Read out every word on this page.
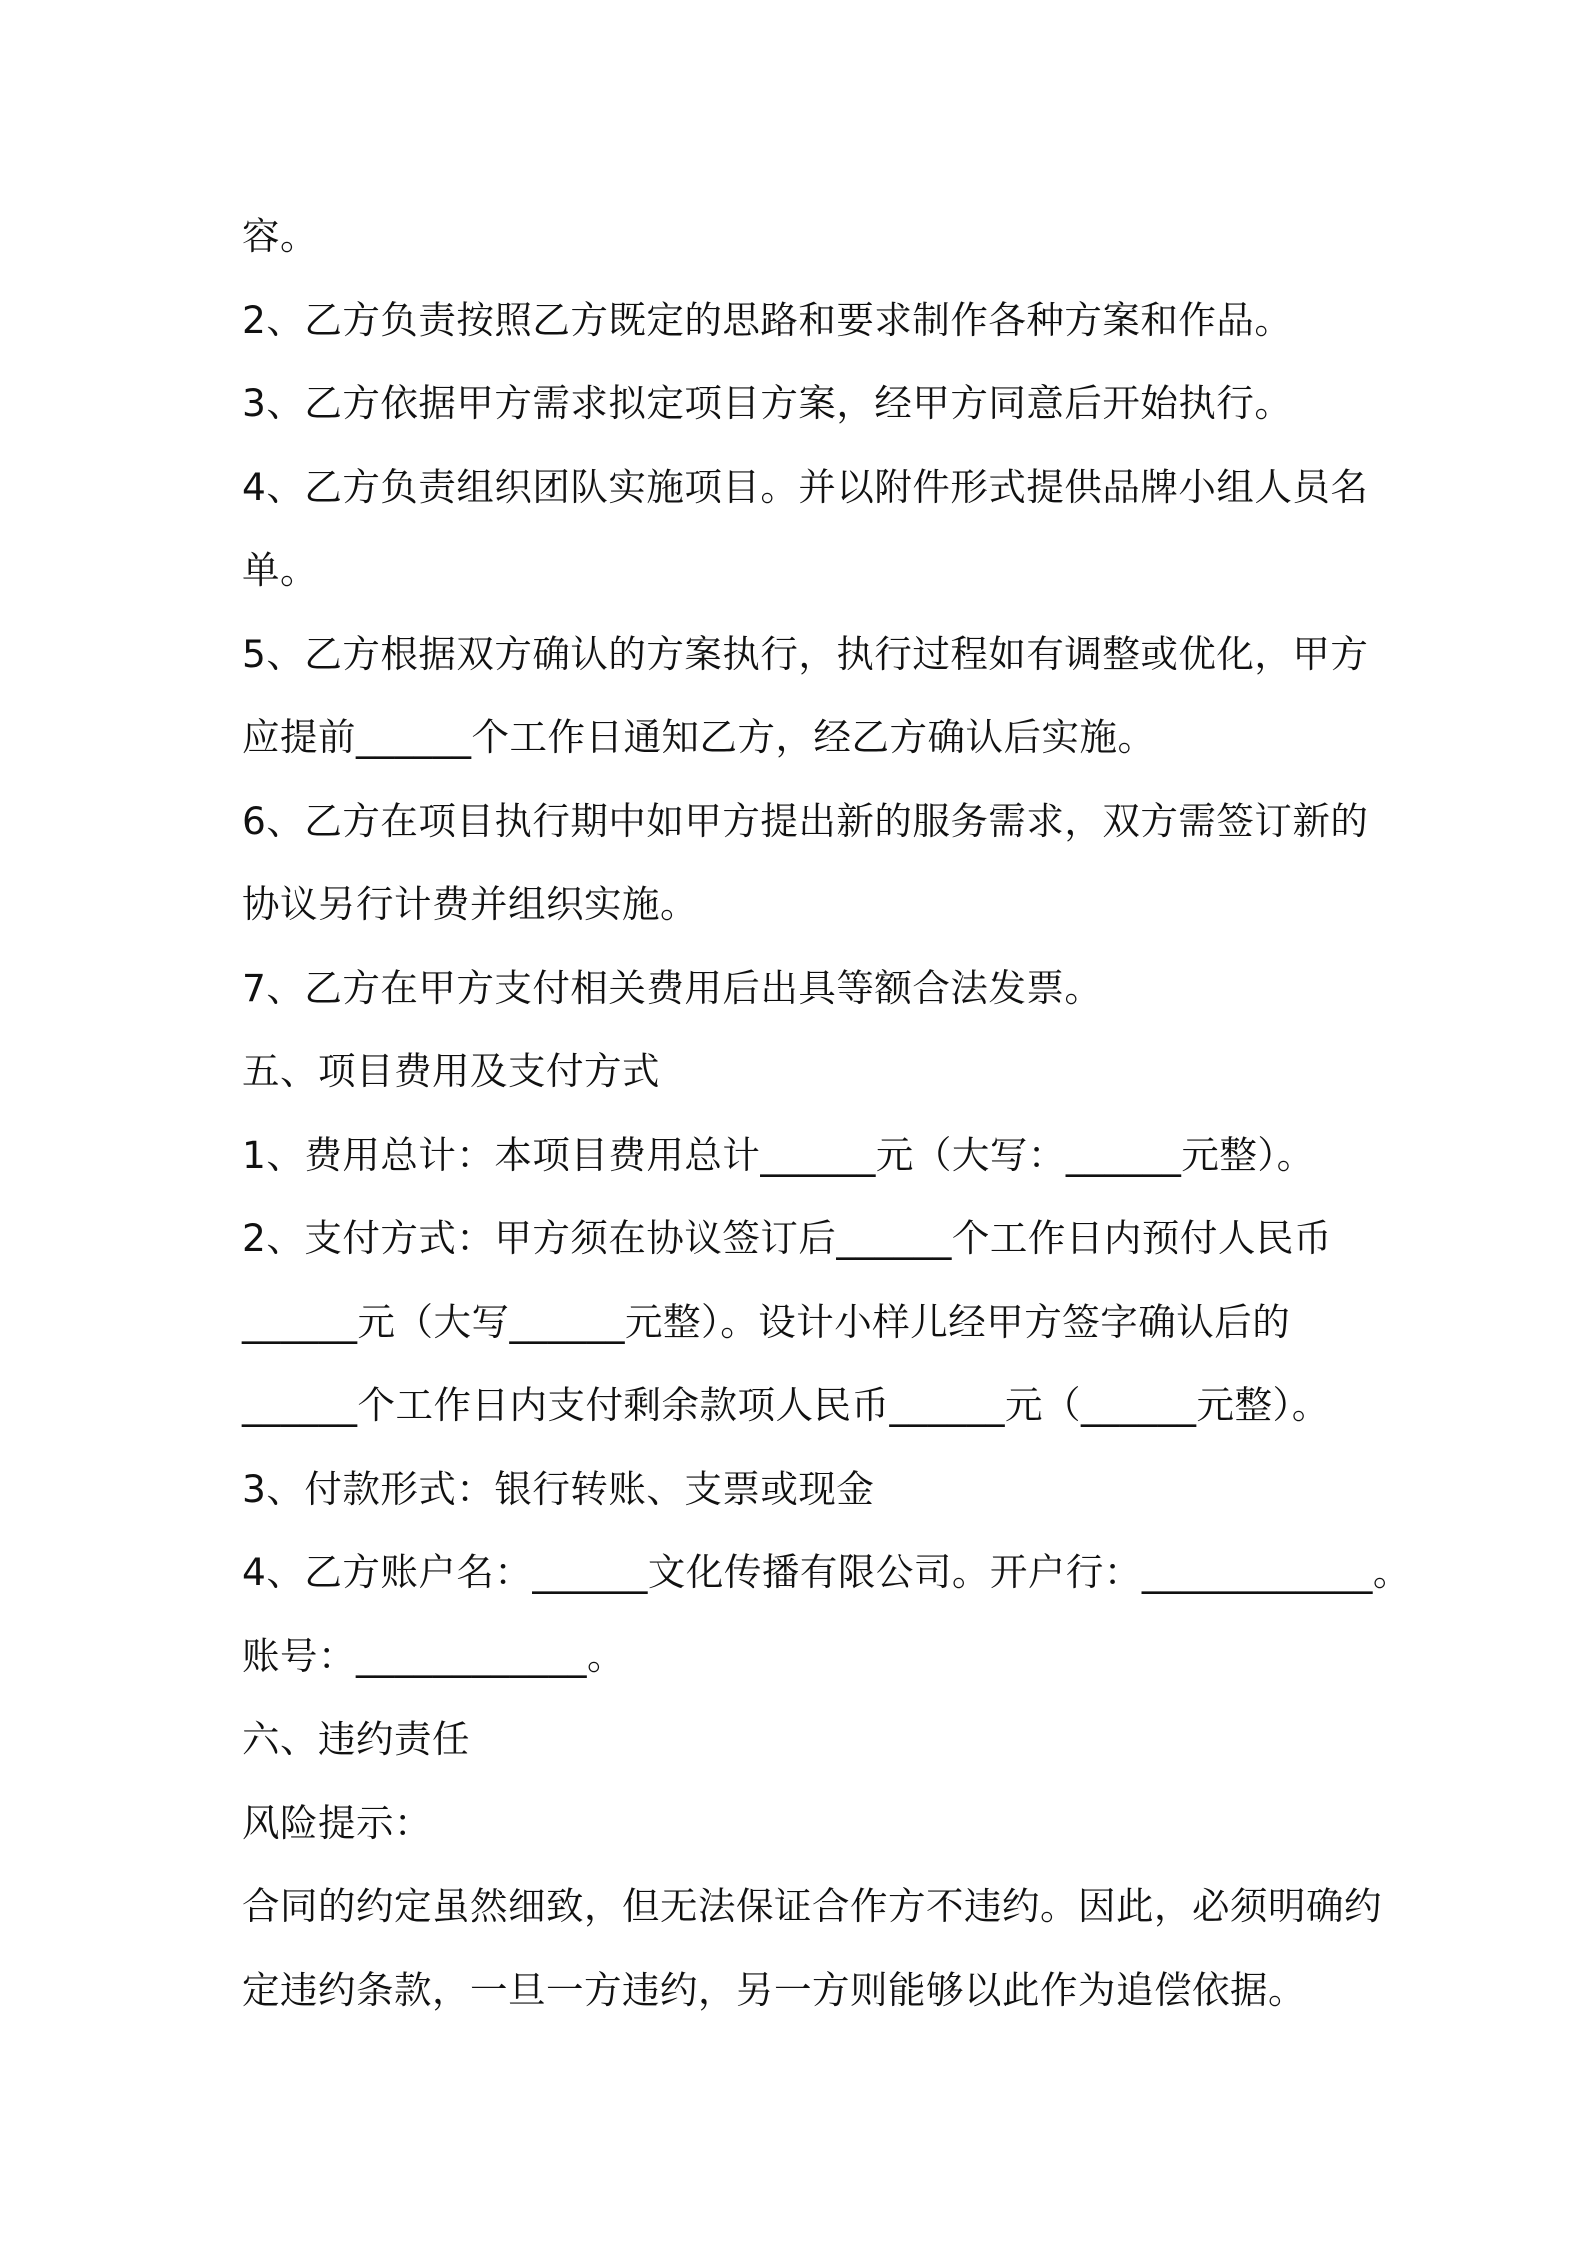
容。
2、乙方负责按照乙方既定的思路和要求制作各种方案和作品。
3、乙方依据甲方需求拟定项目方案，经甲方同意后开始执行。
4、乙方负责组织团队实施项目。并以附件形式提供品牌小组人员名
单。
5、乙方根据双方确认的方案执行，执行过程如有调整或优化，甲方
应提前______个工作日通知乙方，经乙方确认后实施。
6、乙方在项目执行期中如甲方提出新的服务需求，双方需签订新的
协议另行计费并组织实施。
7、乙方在甲方支付相关费用后出具等额合法发票。
五、项目费用及支付方式
1、费用总计：本项目费用总计______元（大写：______元整）。
2、支付方式：甲方须在协议签订后______个工作日内预付人民币
______元（大写______元整）。设计小样儿经甲方签字确认后的
______个工作日内支付剩余款项人民币______元（______元整）。
3、付款形式：银行转账、支票或现金
4、乙方账户名：______文化传播有限公司。开户行：____________。
账号：____________。
六、违约责任
风险提示：
合同的约定虽然细致，但无法保证合作方不违约。因此，必须明确约
定违约条款，一旦一方违约，另一方则能够以此作为追偿依据。
